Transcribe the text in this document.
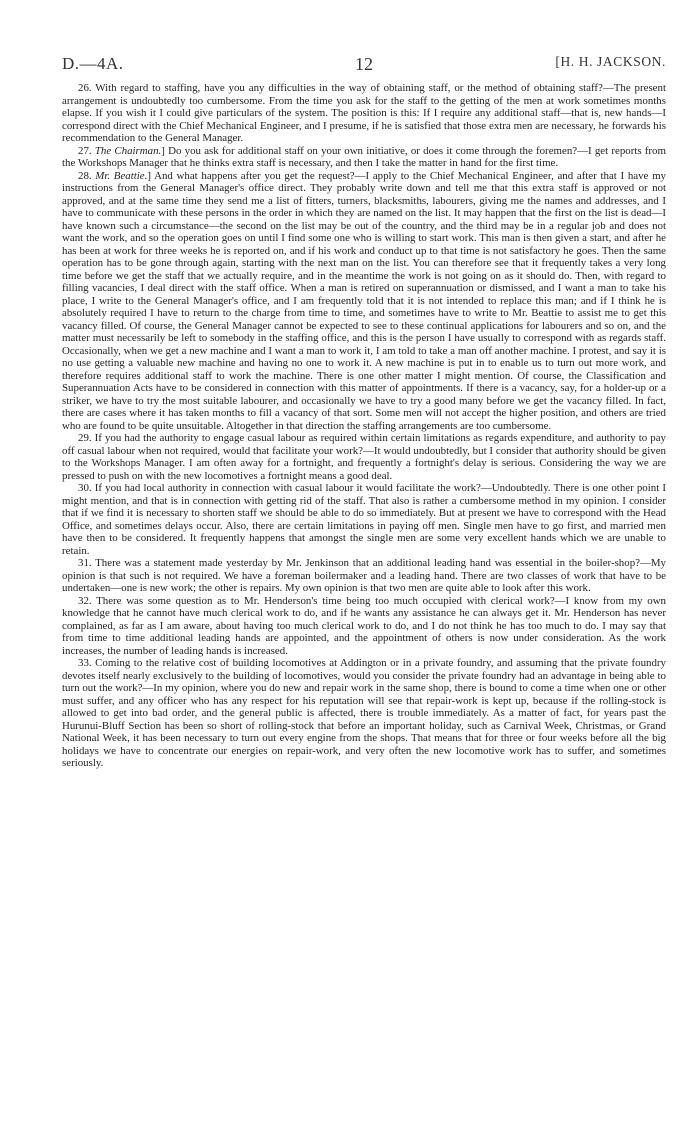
D.—4A.	12	[H. H. JACKSON.

26. With regard to staffing, have you any difficulties in the way of obtaining staff, or the method of obtaining staff?—The present arrangement is undoubtedly too cumbersome. From the time you ask for the staff to the getting of the men at work sometimes months elapse. If you wish it I could give particulars of the system. The position is this: If I require any additional staff—that is, new hands—I correspond direct with the Chief Mechanical Engineer, and I presume, if he is satisfied that those extra men are necessary, he forwards his recommendation to the General Manager.

27. The Chairman.] Do you ask for additional staff on your own initiative, or does it come through the foremen?—I get reports from the Workshops Manager that he thinks extra staff is necessary, and then I take the matter in hand for the first time.

28. Mr. Beattie.] And what happens after you get the request?—I apply to the Chief Mechanical Engineer, and after that I have my instructions from the General Manager's office direct. They probably write down and tell me that this extra staff is approved or not approved, and at the same time they send me a list of fitters, turners, blacksmiths, labourers, giving me the names and addresses, and I have to communicate with these persons in the order in which they are named on the list. It may happen that the first on the list is dead—I have known such a circumstance—the second on the list may be out of the country, and the third may be in a regular job and does not want the work, and so the operation goes on until I find some one who is willing to start work. This man is then given a start, and after he has been at work for three weeks he is reported on, and if his work and conduct up to that time is not satisfactory he goes. Then the same operation has to be gone through again, starting with the next man on the list. You can therefore see that it frequently takes a very long time before we get the staff that we actually require, and in the meantime the work is not going on as it should do. Then, with regard to filling vacancies, I deal direct with the staff office. When a man is retired on superannuation or dismissed, and I want a man to take his place, I write to the General Manager's office, and I am frequently told that it is not intended to replace this man; and if I think he is absolutely required I have to return to the charge from time to time, and sometimes have to write to Mr. Beattie to assist me to get this vacancy filled. Of course, the General Manager cannot be expected to see to these continual applications for labourers and so on, and the matter must necessarily be left to somebody in the staffing office, and this is the person I have usually to correspond with as regards staff. Occasionally, when we get a new machine and I want a man to work it, I am told to take a man off another machine. I protest, and say it is no use getting a valuable new machine and having no one to work it. A new machine is put in to enable us to turn out more work, and therefore requires additional staff to work the machine. There is one other matter I might mention. Of course, the Classification and Superannuation Acts have to be considered in connection with this matter of appointments. If there is a vacancy, say, for a holder-up or a striker, we have to try the most suitable labourer, and occasionally we have to try a good many before we get the vacancy filled. In fact, there are cases where it has taken months to fill a vacancy of that sort. Some men will not accept the higher position, and others are tried who are found to be quite unsuitable. Altogether in that direction the staffing arrangements are too cumbersome.

29. If you had the authority to engage casual labour as required within certain limitations as regards expenditure, and authority to pay off casual labour when not required, would that facilitate your work?—It would undoubtedly, but I consider that authority should be given to the Workshops Manager. I am often away for a fortnight, and frequently a fortnight's delay is serious. Considering the way we are pressed to push on with the new locomotives a fortnight means a good deal.

30. If you had local authority in connection with casual labour it would facilitate the work?—Undoubtedly. There is one other point I might mention, and that is in connection with getting rid of the staff. That also is rather a cumbersome method in my opinion. I consider that if we find it is necessary to shorten staff we should be able to do so immediately. But at present we have to correspond with the Head Office, and sometimes delays occur. Also, there are certain limitations in paying off men. Single men have to go first, and married men have then to be considered. It frequently happens that amongst the single men are some very excellent hands which we are unable to retain.

31. There was a statement made yesterday by Mr. Jenkinson that an additional leading hand was essential in the boiler-shop?—My opinion is that such is not required. We have a foreman boilermaker and a leading hand. There are two classes of work that have to be undertaken—one is new work; the other is repairs. My own opinion is that two men are quite able to look after this work.

32. There was some question as to Mr. Henderson's time being too much occupied with clerical work?—I know from my own knowledge that he cannot have much clerical work to do, and if he wants any assistance he can always get it. Mr. Henderson has never complained, as far as I am aware, about having too much clerical work to do, and I do not think he has too much to do. I may say that from time to time additional leading hands are appointed, and the appointment of others is now under consideration. As the work increases, the number of leading hands is increased.

33. Coming to the relative cost of building locomotives at Addington or in a private foundry, and assuming that the private foundry devotes itself nearly exclusively to the building of locomotives, would you consider the private foundry had an advantage in being able to turn out the work?—In my opinion, where you do new and repair work in the same shop, there is bound to come a time when one or other must suffer, and any officer who has any respect for his reputation will see that repair-work is kept up, because if the rolling-stock is allowed to get into bad order, and the general public is affected, there is trouble immediately. As a matter of fact, for years past the Hurunui-Bluff Section has been so short of rolling-stock that before an important holiday, such as Carnival Week, Christmas, or Grand National Week, it has been necessary to turn out every engine from the shops. That means that for three or four weeks before all the big holidays we have to concentrate our energies on repair-work, and very often the new locomotive work has to suffer, and sometimes seriously.
